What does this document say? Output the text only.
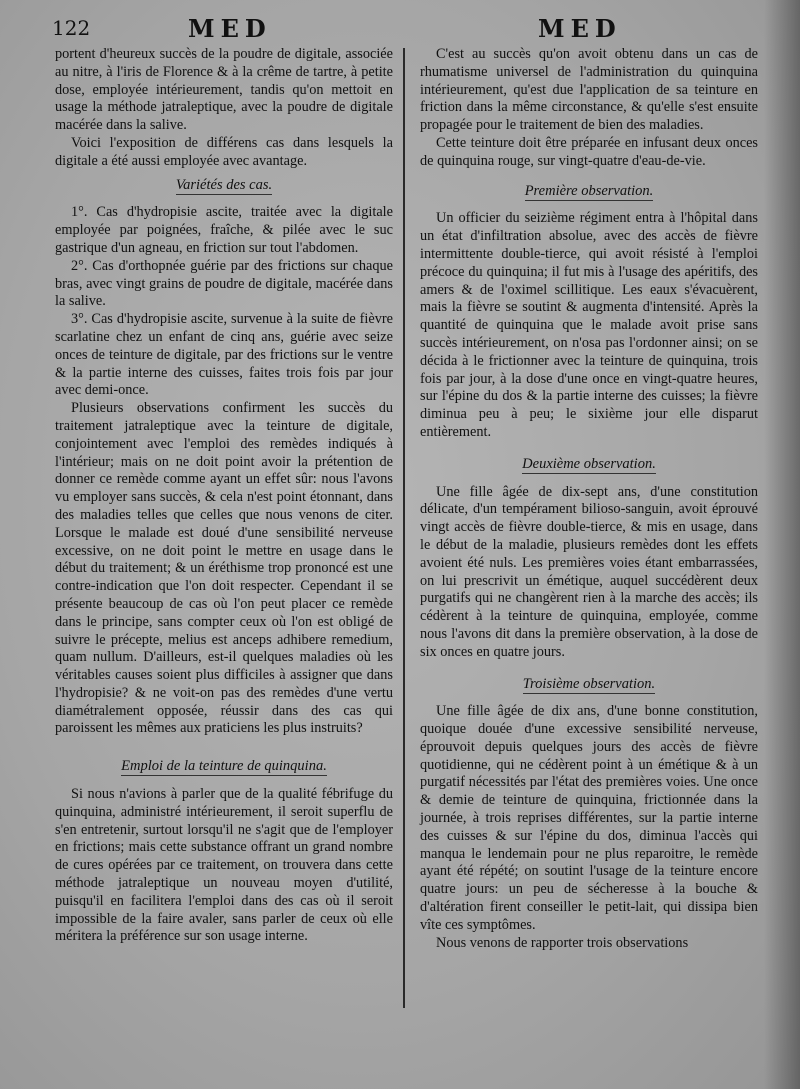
122	MED	MED

portent d'heureux succès de la poudre de digitale, associée au nitre, à l'iris de Florence & à la crême de tartre, à petite dose, employée intérieurement, tandis qu'on mettoit en usage la méthode jatraleptique, avec la poudre de digitale macérée dans la salive.

Voici l'exposition de différens cas dans lesquels la digitale a été aussi employée avec avantage.

Variétés des cas.

1°. Cas d'hydropisie ascite, traitée avec la digitale employée par poignées, fraîche, & pilée avec le suc gastrique d'un agneau, en friction sur tout l'abdomen.

2°. Cas d'orthopnée guérie par des frictions sur chaque bras, avec vingt grains de poudre de digitale, macérée dans la salive.

3°. Cas d'hydropisie ascite, survenue à la suite de fièvre scarlatine chez un enfant de cinq ans, guérie avec seize onces de teinture de digitale, par des frictions sur le ventre & la partie interne des cuisses, faites trois fois par jour avec demi-once.

Plusieurs observations confirment les succès du traitement jatraleptique avec la teinture de digitale, conjointement avec l'emploi des remèdes indiqués à l'intérieur; mais on ne doit point avoir la prétention de donner ce remède comme ayant un effet sûr: nous l'avons vu employer sans succès, & cela n'est point étonnant, dans des maladies telles que celles que nous venons de citer. Lorsque le malade est doué d'une sensibilité nerveuse excessive, on ne doit point le mettre en usage dans le début du traitement; & un éréthisme trop prononcé est une contre-indication que l'on doit respecter. Cependant il se présente beaucoup de cas où l'on peut placer ce remède dans le principe, sans compter ceux où l'on est obligé de suivre le précepte, melius est anceps adhibere remedium, quam nullum. D'ailleurs, est-il quelques maladies où les véritables causes soient plus difficiles à assigner que dans l'hydropisie? & ne voit-on pas des remèdes d'une vertu diamétralement opposée, réussir dans des cas qui paroissent les mêmes aux praticiens les plus instruits?

Emploi de la teinture de quinquina.

Si nous n'avions à parler que de la qualité fébrifuge du quinquina, administré intérieurement, il seroit superflu de s'en entretenir, surtout lorsqu'il ne s'agit que de l'employer en frictions; mais cette substance offrant un grand nombre de cures opérées par ce traitement, on trouvera dans cette méthode jatraleptique un nouveau moyen d'utilité, puisqu'il en facilitera l'emploi dans des cas où il seroit impossible de la faire avaler, sans parler de ceux où elle méritera la préférence sur son usage interne.

C'est au succès qu'on avoit obtenu dans un cas de rhumatisme universel de l'administration du quinquina intérieurement, qu'est due l'application de sa teinture en friction dans la même circonstance, & qu'elle s'est ensuite propagée pour le traitement de bien des maladies.

Cette teinture doit être préparée en infusant deux onces de quinquina rouge, sur vingt-quatre d'eau-de-vie.

Première observation.

Un officier du seizième régiment entra à l'hôpital dans un état d'infiltration absolue, avec des accès de fièvre intermittente double-tierce, qui avoit résisté à l'emploi précoce du quinquina; il fut mis à l'usage des apéritifs, des amers & de l'oximel scillitique. Les eaux s'évacuèrent, mais la fièvre se soutint & augmenta d'intensité. Après la quantité de quinquina que le malade avoit prise sans succès intérieurement, on n'osa pas l'ordonner ainsi; on se décida à le frictionner avec la teinture de quinquina, trois fois par jour, à la dose d'une once en vingt-quatre heures, sur l'épine du dos & la partie interne des cuisses; la fièvre diminua peu à peu; le sixième jour elle disparut entièrement.

Deuxième observation.

Une fille âgée de dix-sept ans, d'une constitution délicate, d'un tempérament bilioso-sanguin, avoit éprouvé vingt accès de fièvre double-tierce, & mis en usage, dans le début de la maladie, plusieurs remèdes dont les effets avoient été nuls. Les premières voies étant embarrassées, on lui prescrivit un émétique, auquel succédèrent deux purgatifs qui ne changèrent rien à la marche des accès; ils cédèrent à la teinture de quinquina, employée, comme nous l'avons dit dans la première observation, à la dose de six onces en quatre jours.

Troisième observation.

Une fille âgée de dix ans, d'une bonne constitution, quoique douée d'une excessive sensibilité nerveuse, éprouvoit depuis quelques jours des accès de fièvre quotidienne, qui ne cédèrent point à un émétique & à un purgatif nécessités par l'état des premières voies. Une once & demie de teinture de quinquina, frictionnée dans la journée, à trois reprises différentes, sur la partie interne des cuisses & sur l'épine du dos, diminua l'accès qui manqua le lendemain pour ne plus reparoitre, le remède ayant été répété; on soutint l'usage de la teinture encore quatre jours: un peu de sécheresse à la bouche & d'altération firent conseiller le petit-lait, qui dissipa bien vîte ces symptômes.

Nous venons de rapporter trois observations
